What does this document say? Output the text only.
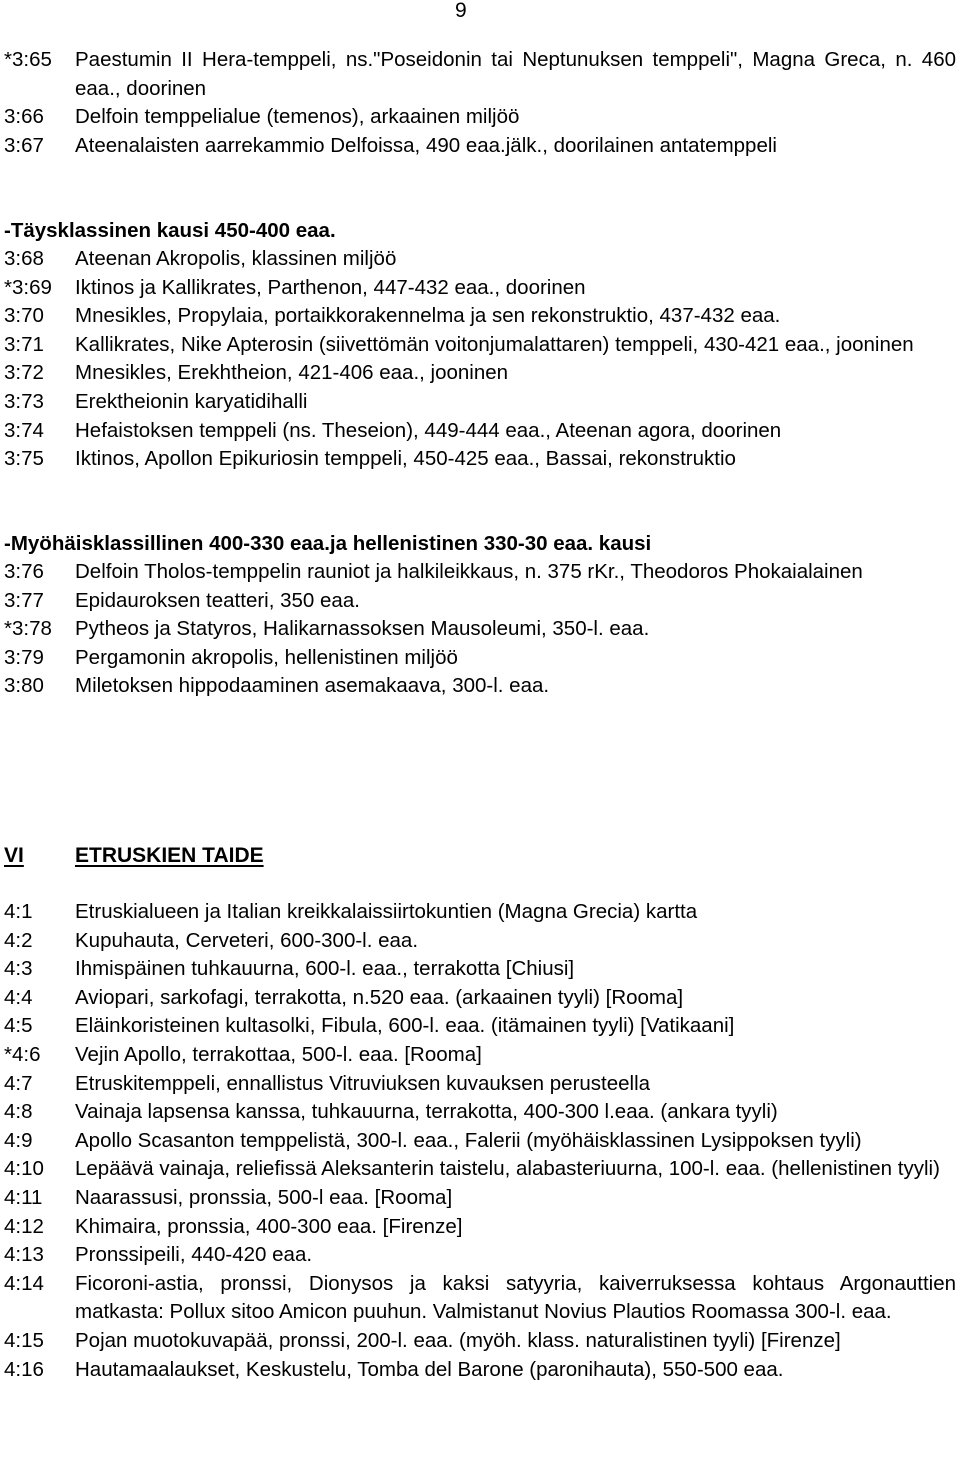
9
*3:65	Paestumin II Hera-temppeli, ns."Poseidonin tai Neptunuksen temppeli", Magna Greca, n. 460 eaa., doorinen
3:66	Delfoin temppelialue (temenos), arkaainen miljöö
3:67	Ateenalaisten aarrekammio Delfoissa, 490 eaa.jälk., doorilainen antatemppeli
-Täysklassinen kausi 450-400 eaa.
3:68	Ateenan Akropolis, klassinen miljöö
*3:69	Iktinos ja Kallikrates, Parthenon, 447-432 eaa., doorinen
3:70	Mnesikles, Propylaia, portaikkorakennelma ja sen rekonstruktio, 437-432 eaa.
3:71	Kallikrates, Nike Apterosin (siivettömän voitonjumalattaren) temppeli, 430-421 eaa., jooninen
3:72	Mnesikles, Erekhtheion, 421-406 eaa., jooninen
3:73	Erektheionin karyatidihalli
3:74	Hefaistoksen temppeli (ns. Theseion), 449-444 eaa., Ateenan agora, doorinen
3:75	Iktinos, Apollon Epikuriosin temppeli, 450-425 eaa., Bassai, rekonstruktio
-Myöhäisklassillinen 400-330 eaa.ja hellenistinen 330-30 eaa. kausi
3:76	Delfoin Tholos-temppelin rauniot ja halkileikkaus, n. 375 rKr., Theodoros Phokaialainen
3:77	Epidauroksen teatteri, 350 eaa.
*3:78	Pytheos ja Statyros, Halikarnassoksen Mausoleumi, 350-l. eaa.
3:79	Pergamonin akropolis, hellenistinen miljöö
3:80	Miletoksen hippodaaminen asemakaava, 300-l. eaa.
VI	ETRUSKIEN TAIDE
4:1	Etruskialueen ja Italian kreikkalaissiirtokuntien (Magna Grecia) kartta
4:2	Kupuhauta, Cerveteri, 600-300-l. eaa.
4:3	Ihmispäinen tuhkauurna, 600-l. eaa., terrakotta [Chiusi]
4:4	Aviopari, sarkofagi, terrakotta, n.520 eaa. (arkaainen tyyli) [Rooma]
4:5	Eläinkoristeinen kultasolki, Fibula, 600-l. eaa. (itämainen tyyli) [Vatikaani]
*4:6	Vejin Apollo, terrakottaa, 500-l. eaa. [Rooma]
4:7	Etruskitemppeli, ennallistus Vitruviuksen kuvauksen perusteella
4:8	Vainaja lapsensa kanssa, tuhkauurna, terrakotta, 400-300 l.eaa. (ankara tyyli)
4:9	Apollo Scasanton temppelistä, 300-l. eaa., Falerii (myöhäisklassinen Lysippoksen tyyli)
4:10	Lepäävä vainaja, reliefissä Aleksanterin taistelu, alabasteriuurna, 100-l. eaa. (hellenistinen tyyli)
4:11	Naarassusi, pronssia, 500-l eaa. [Rooma]
4:12	Khimaira, pronssia, 400-300 eaa. [Firenze]
4:13	Pronssipeili, 440-420 eaa.
4:14	Ficoroni-astia, pronssi, Dionysos ja kaksi satyyria, kaiverruksessa kohtaus Argonauttien matkasta: Pollux sitoo Amicon puuhun. Valmistanut Novius Plautios Roomassa 300-l. eaa.
4:15	Pojan muotokuvapää, pronssi, 200-l. eaa. (myöh. klass. naturalistinen tyyli) [Firenze]
4:16	Hautamaalaukset, Keskustelu, Tomba del Barone (paronihauta), 550-500 eaa.
